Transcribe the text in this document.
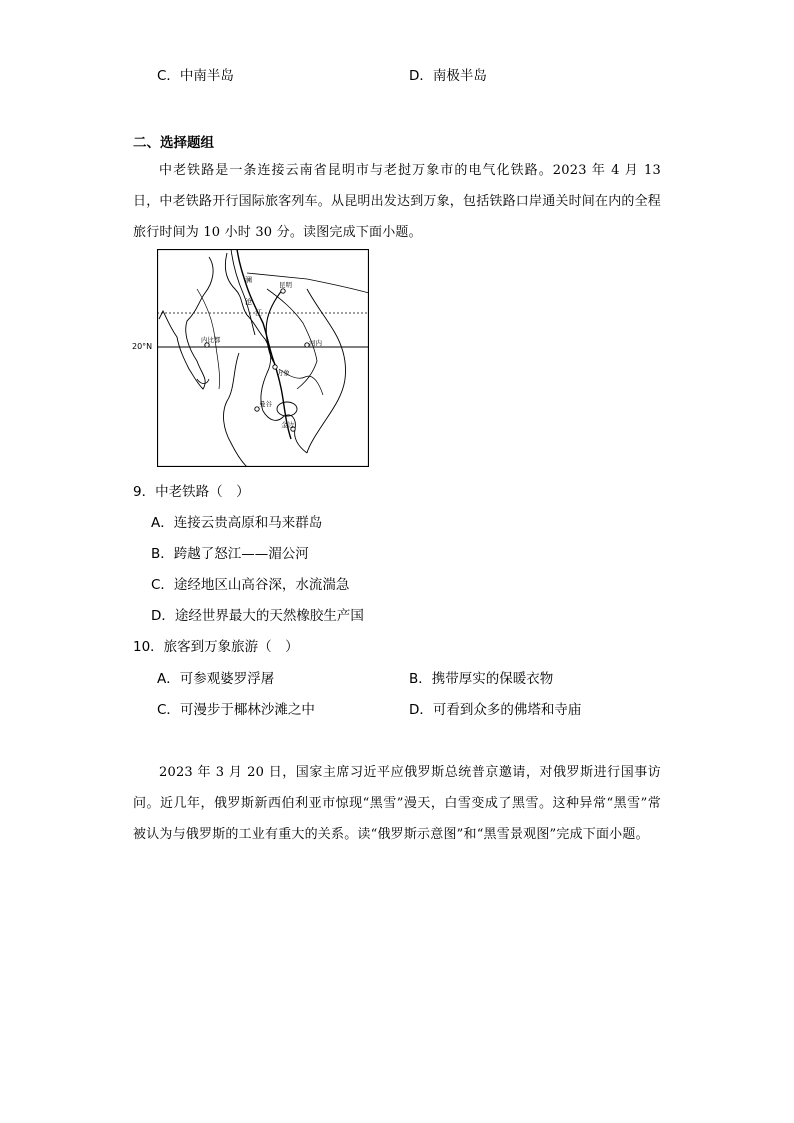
C．中南半岛	D．南极半岛
二、选择题组
中老铁路是一条连接云南省昆明市与老挝万象市的电气化铁路。2023 年 4 月 13 日，中老铁路开行国际旅客列车。从昆明出发达到万象，包括铁路口岸通关时间在内的全程旅行时间为 10 小时 30 分。读图完成下面小题。
20°N
澜
沧
江
昆明
内比都	河内
万象
曼谷
金边
9．中老铁路（　）
A．连接云贵高原和马来群岛
B．跨越了怒江——湄公河
C．途经地区山高谷深，水流湍急
D．途经世界最大的天然橡胶生产国
10．旅客到万象旅游（　）
A．可参观婆罗浮屠	B．携带厚实的保暖衣物
C．可漫步于椰林沙滩之中	D．可看到众多的佛塔和寺庙
2023 年 3 月 20 日，国家主席习近平应俄罗斯总统普京邀请，对俄罗斯进行国事访问。近几年，俄罗斯新西伯利亚市惊现“黑雪”漫天，白雪变成了黑雪。这种异常“黑雪”常被认为与俄罗斯的工业有重大的关系。读“俄罗斯示意图”和“黑雪景观图”完成下面小题。
